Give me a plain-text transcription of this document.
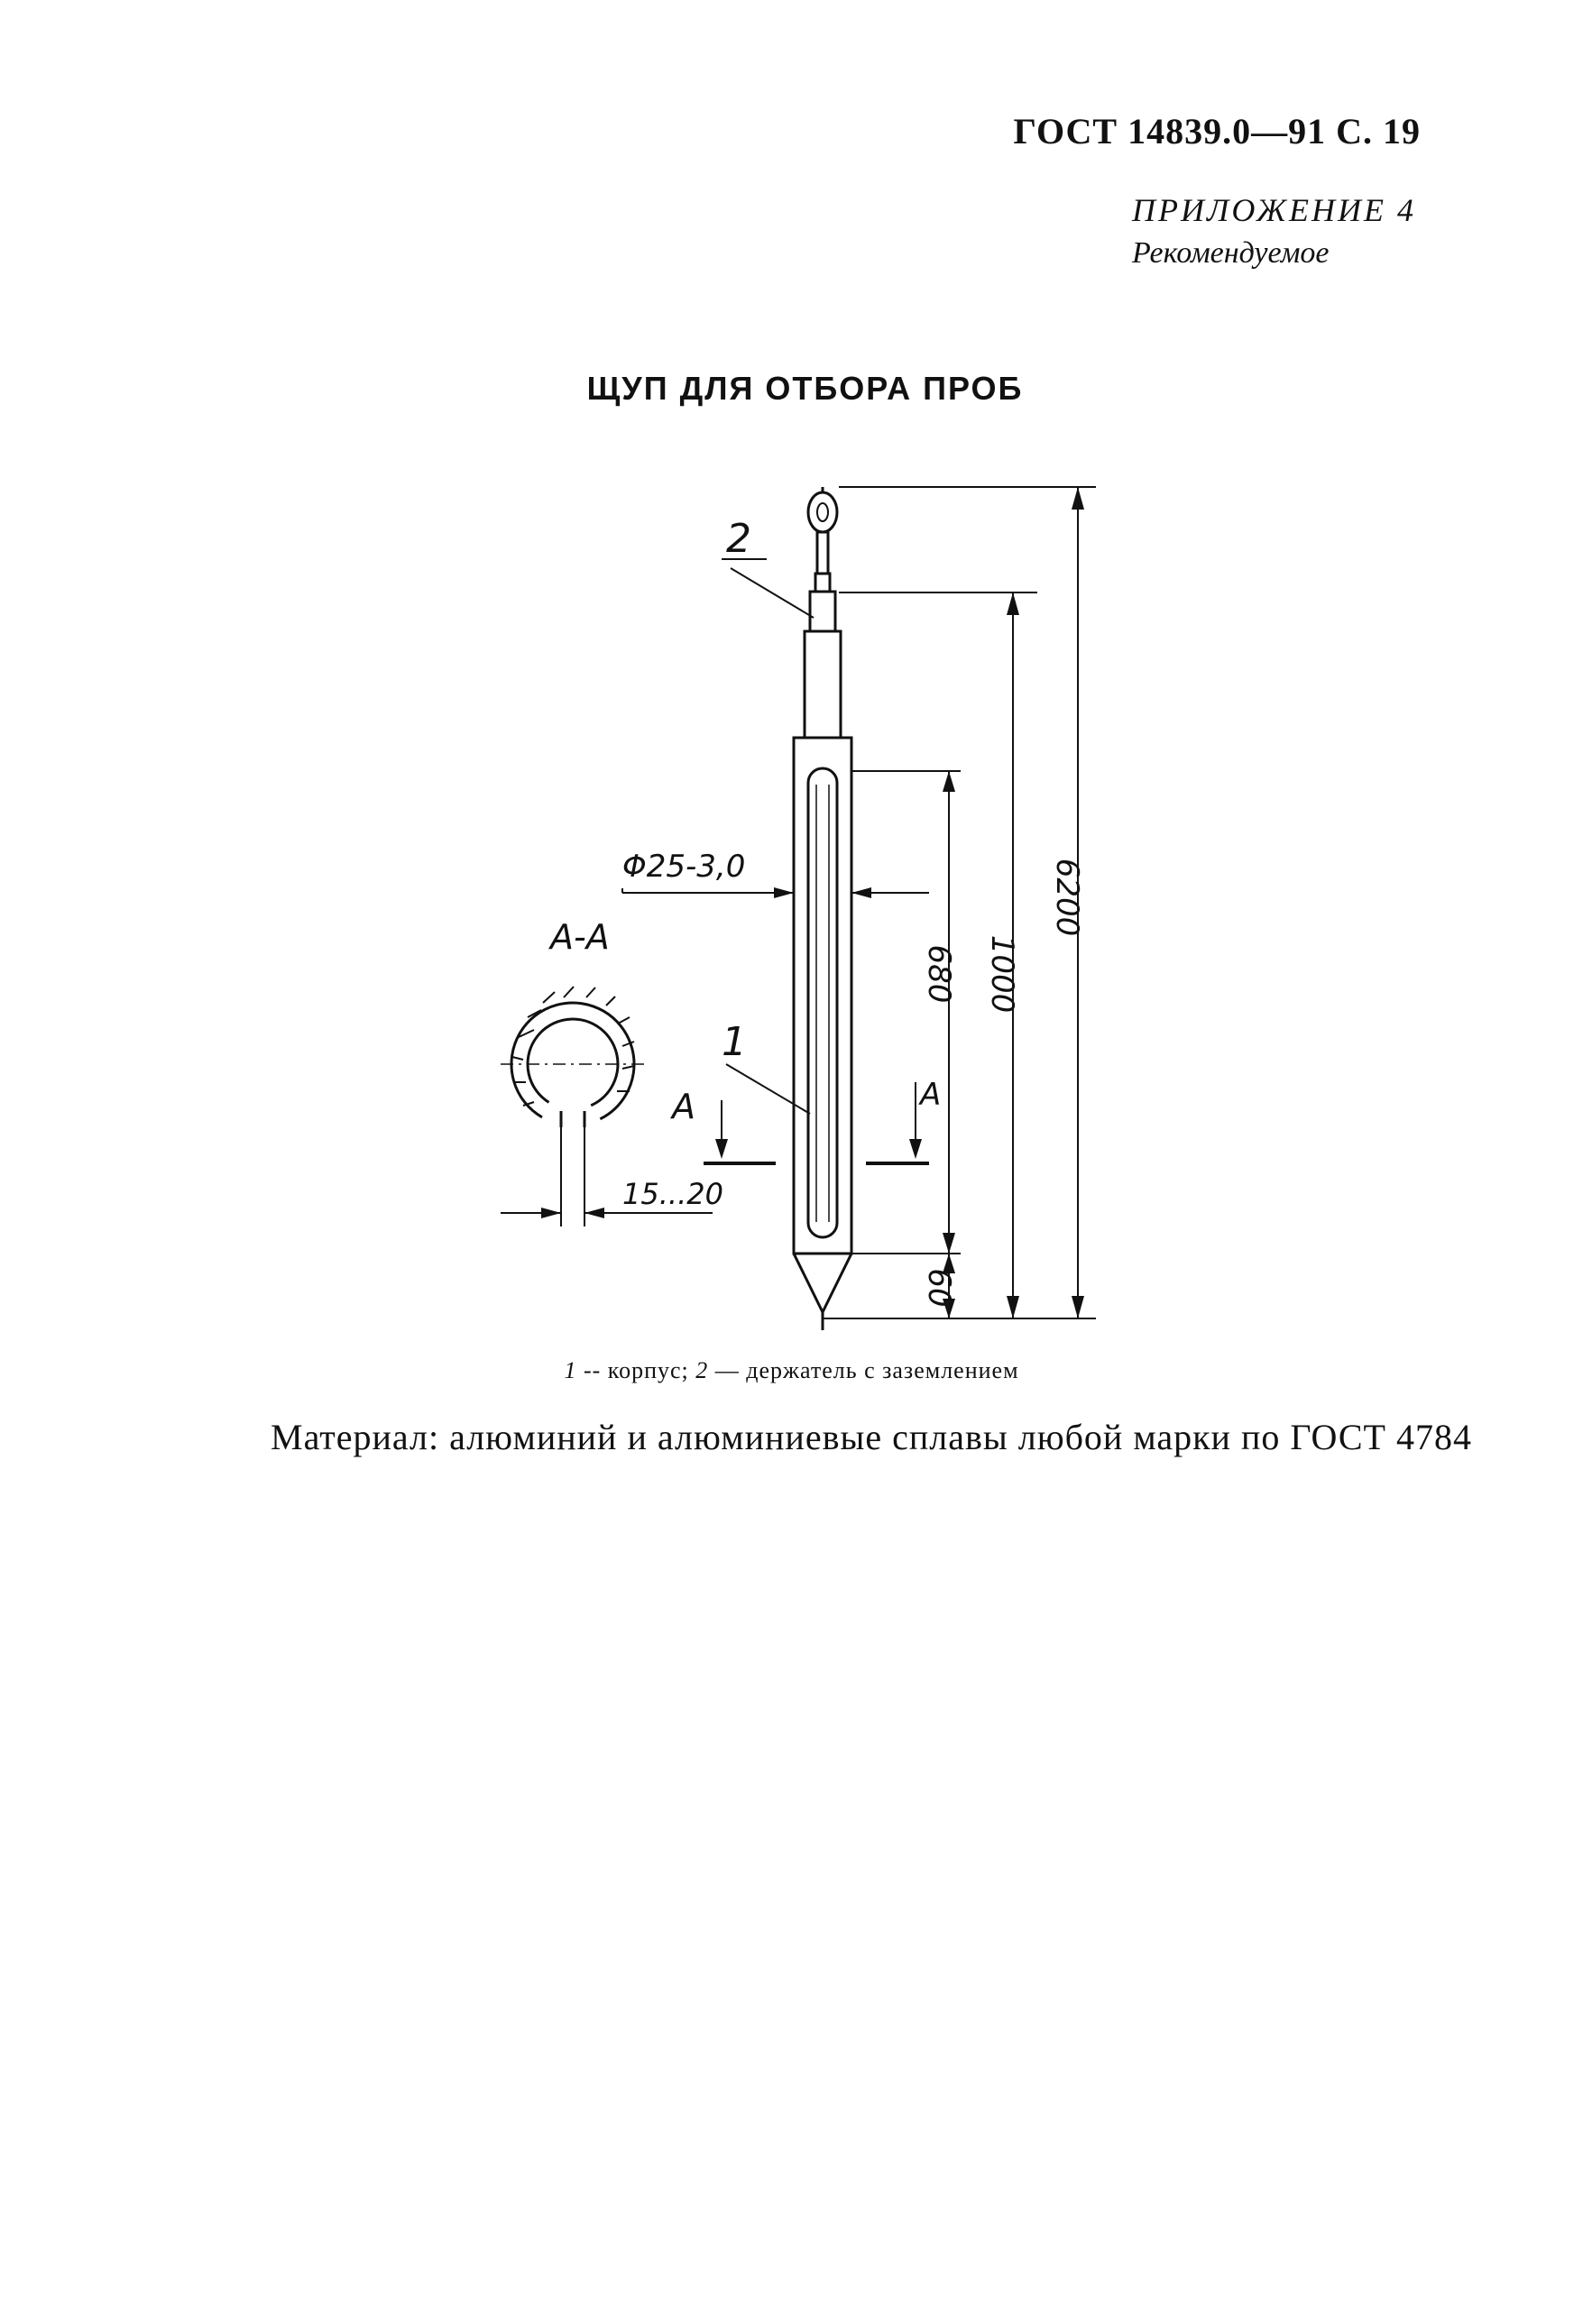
ГОСТ 14839.0—91 С. 19
ПРИЛОЖЕНИЕ 4
Рекомендуемое
ЩУП ДЛЯ ОТБОРА ПРОБ
Φ25-3,0
2
1
А	А
А-А
15...20
680 1000
6200
60
1 -- корпус; 2 — держатель с заземлением
Материал: алюминий и алюминиевые сплавы любой марки по ГОСТ 4784
